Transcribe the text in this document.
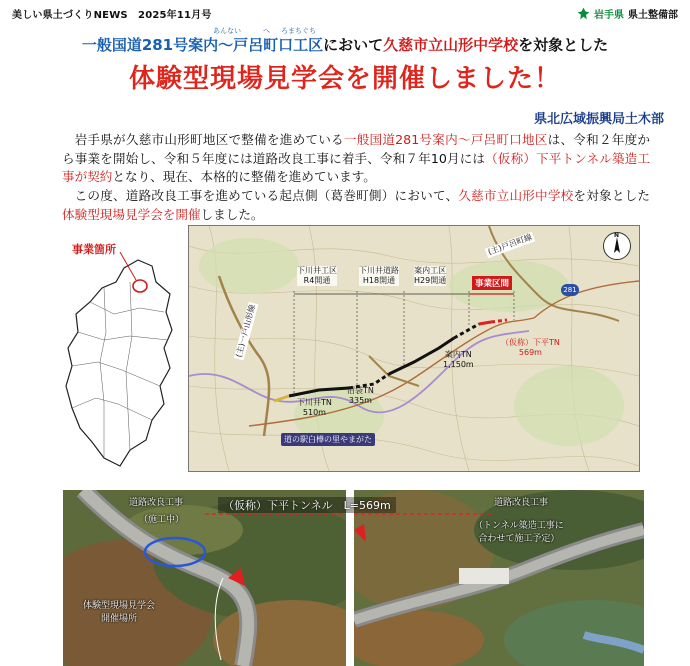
美しい県土づくりNEWS　2025年11月号	岩手県 県土整備部
あんない	へ ろまちぐち
一般国道281号案内～戸呂町口工区において久慈市立山形中学校を対象とした
体験型現場見学会を開催しました！
県北広域振興局土木部
岩手県が久慈市山形町地区で整備を進めている一般国道281号案内～戸呂町口地区は、令和２年度から事業を開始し、令和５年度には道路改良工事に着手、令和７年10月には（仮称）下平トンネル築造工事が契約となり、現在、本格的に整備を進めています。
この度、道路改良工事を進めている起点側（葛巻町側）において、久慈市立山形中学校を対象とした体験型現場見学会を開催しました。
事業箇所
下川井工区
R4開通
下川井道路
H18開通
案内工区
H29開通	事業区間
下川井TN
510m
沼袋TN
335m
案内TN
1,150m
（仮称）下平TN
569m
(主)一戸山形線
(主)戸呂町線
281
道の駅白樺の里やまがた
N
道路改良工事
（施工中）
体験型現場見学会
開催場所
道路改良工事
（トンネル築造工事に
合わせて施工予定）
（仮称）下平トンネル　L=569m
